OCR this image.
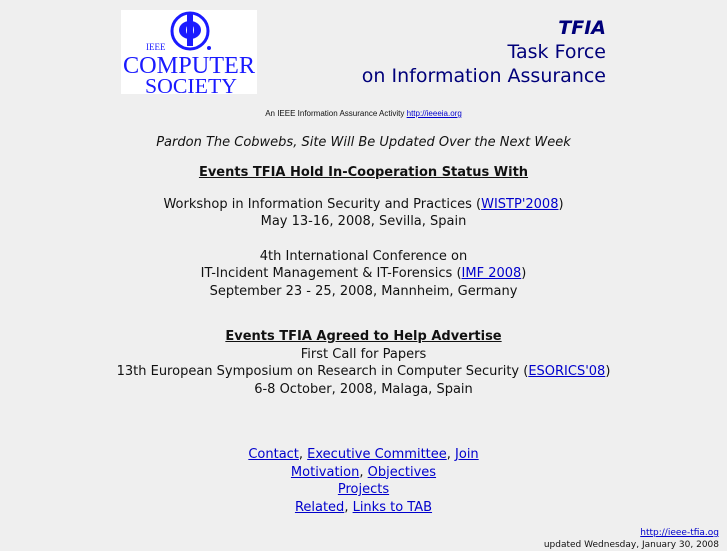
IEEE
COMPUTER
SOCIETY
TFIA
Task Force
on Information Assurance
An IEEE Information Assurance Activity http://ieeeia.org
Pardon The Cobwebs, Site Will Be Updated Over the Next Week
Events TFIA Hold In-Cooperation Status With
Workshop in Information Security and Practices (WISTP'2008)
May 13-16, 2008, Sevilla, Spain
4th International Conference on
IT-Incident Management & IT-Forensics (IMF 2008)
September 23 - 25, 2008, Mannheim, Germany
Events TFIA Agreed to Help Advertise
First Call for Papers
13th European Symposium on Research in Computer Security (ESORICS'08)
6-8 October, 2008, Malaga, Spain
Contact, Executive Committee, Join
Motivation, Objectives
Projects
Related, Links to TAB
http://ieee-tfia.og
updated Wednesday, January 30, 2008
